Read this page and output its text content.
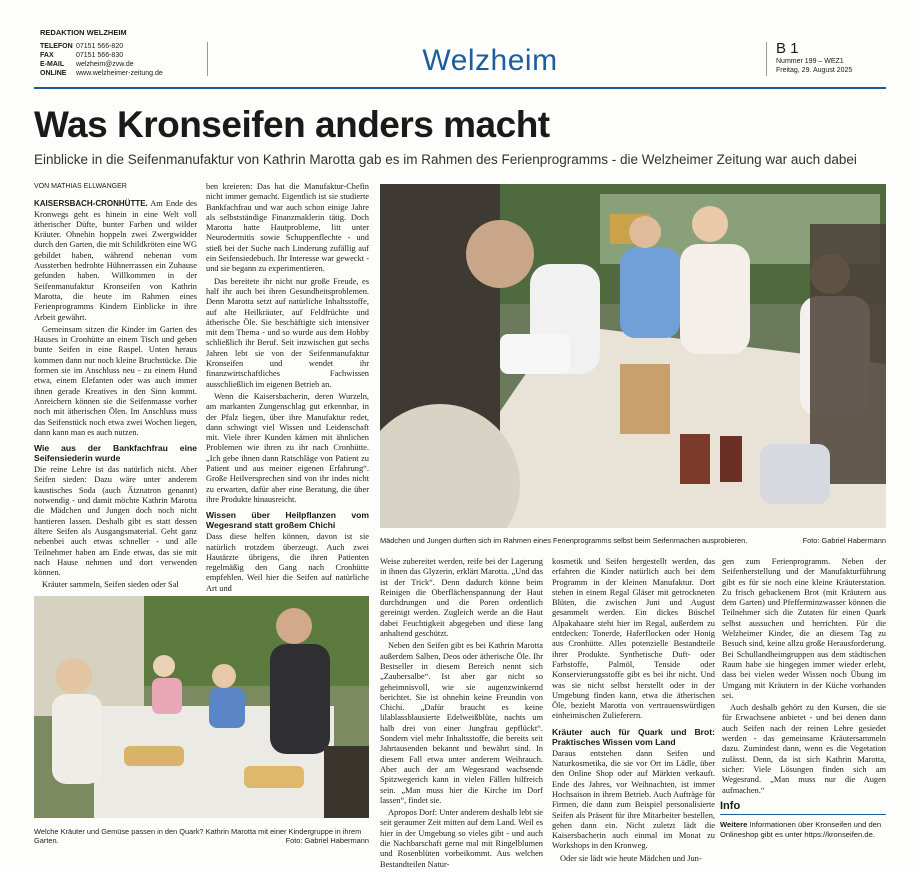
REDAKTION WELZHEIM
TELEFON 07151 566-820
FAX	07151 566-830
E-MAIL	welzheim@zvw.de
ONLINE	www.welzheimer-zeitung.de	Welzheim	B 1
Nummer 199 – WEZ1
Freitag, 29. August 2025
Was Kronseifen anders macht
Einblicke in die Seifenmanufaktur von Kathrin Marotta gab es im Rahmen des Ferienprogramms - die Welzheimer Zeitung war auch dabei
VON MATHIAS ELLWANGER

KAISERSBACH-CRONHÜTTE. Am Ende des Kronwegs geht es hinein in eine Welt voll ätherischer Düfte, bunter Farben und wilder Kräuter. Ohnehin hoppeln zwei Zwergwidder durch den Garten, die mit Schildkröten eine WG gebildet haben, während nebenan vom Aussterben bedrohte Hühnerrassen ein Zuhause gefunden haben. Willkommen in der Seifenmanufaktur Kronseifen von Kathrin Marotta, die heute im Rahmen eines Ferienprogramms Kindern Einblicke in ihre Arbeit gewährt.

Gemeinsam sitzen die Kinder im Garten des Hauses in Cronhütte an einem Tisch und geben bunte Seifen in eine Raspel. Unten heraus kommen dann nur noch kleine Bruchstücke. Die formen sie im Anschluss neu - zu einem Hund etwa, einem Elefanten oder was auch immer ihnen gerade Kreatives in den Sinn kommt. Anreichern können sie die Seifenmasse vorher noch mit ätherischen Ölen. Im Anschluss muss das Seifenstück noch etwa zwei Wochen liegen, dann kann man es auch nutzen.

Wie aus der Bankfachfrau eine Seifensiederin wurde

Die reine Lehre ist das natürlich nicht. Aber Seifen sieden: Dazu wäre unter anderem kaustisches Soda (auch Ätznatron genannt) notwendig - und damit möchte Kathrin Marotta die Mädchen und Jungen doch noch nicht hantieren lassen. Deshalb gibt es statt dessen ältere Seifen als Ausgangsmaterial. Geht ganz nebenbei auch etwas schneller - und alle Teilnehmer haben am Ende etwas, das sie mit nach Hause nehmen und dort verwenden können.

Kräuter sammeln, Seifen sieden oder Sal

ben kreieren: Das hat die Manufaktur-Chefin nicht immer gemacht. Eigentlich ist sie studierte Bankfachfrau und war auch schon einige Jahre als selbstständige Finanzmaklerin tätig. Doch Marotta hatte Hautprobleme, litt unter Neurodermitis sowie Schuppenflechte - und stieß bei der Suche nach Linderung zufällig auf ein Seifensiedebuch. Ihr Interesse war geweckt - und sie begann zu experimentieren.

Das bereitete ihr nicht nur große Freude, es half ihr auch bei ihren Gesundheitsproblemen. Denn Marotta setzt auf natürliche Inhaltsstoffe, auf alte Heilkräuter, auf Feldfrüchte und ätherische Öle. Sie beschäftigte sich intensiver mit dem Thema - und so wurde aus dem Hobby schließlich ihr Beruf. Seit inzwischen gut sechs Jahren lebt sie von der Seifenmanufaktur Kronseifen und wendet ihr finanzwirtschaftliches Fachwissen ausschließlich im eigenen Betrieb an.

Wenn die Kaisersbacherin, deren Wurzeln, am markanten Zungenschlag gut erkennbar, in der Pfalz liegen, über ihre Manufaktur redet, dann schwingt viel Wissen und Leidenschaft mit. Viele ihrer Kunden kämen mit ähnlichen Problemen wie ihren zu ihr nach Cronhütte. „Ich gebe ihnen dann Ratschläge von Patient zu Patient und aus meiner eigenen Erfahrung“. Große Heilversprechen sind von ihr indes nicht zu erwarten, dafür aber eine Beratung, die über ihre Produkte hinausreicht.

Wissen über Heilpflanzen vom Wegesrand statt großem Chichi

Dass diese helfen können, davon ist sie natürlich trotzdem überzeugt. Auch zwei Hautärzte übrigens, die ihren Patienten regelmäßig den Gang nach Cronhütte empfehlen. Weil hier die Seifen auf natürliche Art und

Mädchen und Jungen durften sich im Rahmen eines Ferienprogramms selbst beim Seifenmachen ausprobieren.	Foto: Gabriel Habermann
Welche Kräuter und Gemüse passen in den Quark? Kathrin Marotta mit einer Kindergruppe in ihrem Garten.	Foto: Gabriel Habermann

Weise zubereitet werden, reife bei der Lagerung in ihnen das Glyzerin, erklärt Marotta. „Und das ist der Trick“. Denn dadurch könne beim Reinigen die Oberflächenspannung der Haut durchdrungen und die Poren ordentlich gereinigt werden. Zugleich werde an die Haut dabei Feuchtigkeit abgegeben und diese lang anhaltend geschützt.

Neben den Seifen gibt es bei Kathrin Marotta außerdem Salben, Deos oder ätherische Öle. Ihr Bestseller in diesem Bereich nennt sich „Zaubersalbe“. Ist aber gar nicht so geheimnisvoll, wie sie augenzwinkernd berichtet. Sie ist ohnehin keine Freundin von Chichi. „Dafür braucht es keine lilablassblausierte Edelweißblüte, nachts um halb drei von einer Jungfrau gepflückt“. Sondern viel mehr Inhaltsstoffe, die bereits seit Jahrtausenden bekannt und bewährt sind. In diesem Fall etwa unter anderem Weihrauch. Aber auch der am Wegesrand wachsende Spitzwegerich kann in vielen Fällen hilfreich sein. „Man muss hier die Kirche im Dorf lassen“, findet sie.

Apropos Dorf: Unter anderem deshalb lebt sie seit geraumer Zeit mitten auf dem Land. Weil es hier in der Umgebung so vieles gibt - und auch die Nachbarschaft gerne mal mit Ringelblumen und Rosenblüten vorbeikommt. Aus welchen Bestandteilen Natur-

kosmetik und Seifen hergestellt werden, das erfahren die Kinder natürlich auch bei dem Programm in der kleinen Manufaktur. Dort stehen in einem Regal Gläser mit getrockneten Blüten, die zwischen Juni und August gesammelt werden. Ein dickes Büschel Alpakahaare steht hier im Regal, außerdem zu entdecken: Tonerde, Haferflocken oder Honig aus Cronhütte. Alles potenzielle Bestandteile ihrer Produkte. Synthetische Duft- oder Farbstoffe, Palmöl, Tenside oder Konservierungsstoffe gibt es bei ihr nicht. Und was sie nicht selbst herstellt oder in der Umgebung finden kann, etwa die ätherischen Öle, bezieht Marotta von vertrauenswürdigen einheimischen Zulieferern.

Kräuter auch für Quark und Brot: Praktisches Wissen vom Land

Daraus entstehen dann Seifen und Naturkosmetika, die sie vor Ort im Lädle, über den Online Shop oder auf Märkten verkauft. Ende des Jahres, vor Weihnachten, ist immer Hochsaison in ihrem Betrieb. Auch Aufträge für Firmen, die dann zum Beispiel personalisierte Seifen als Präsent für ihre Mitarbeiter bestellen, gehen dann ein. Nicht zuletzt lädt die Kaisersbacherin auch einmal im Monat zu Workshops in den Kronweg.

Oder sie lädt wie heute Mädchen und Jun-

gen zum Ferienprogramm. Neben der Seifenherstellung und der Manufakturführung gibt es für sie noch eine kleine Kräuterstation. Zu frisch gebackenem Brot (mit Kräutern aus dem Garten) und Pfefferminzwasser können die Teilnehmer sich die Zutaten für einen Quark selbst aussuchen und herrichten. Für die Welzheimer Kinder, die an diesem Tag zu Besuch sind, keine allzu große Herausforderung. Bei Schullandheimgruppen aus dem städtischen Raum habe sie hingegen immer wieder erlebt, dass bei vielen weder Wissen noch Übung im Umgang mit Kräutern in der Küche vorhanden sei.

Auch deshalb gehört zu den Kursen, die sie für Erwachsene anbietet - und bei denen dann auch Seifen nach der reinen Lehre gesiedet werden - das gemeinsame Kräutersammeln dazu. Zumindest dann, wenn es die Vegetation zulässt. Denn, da ist sich Kathrin Marotta, sicher: Viele Lösungen finden sich am Wegesrand. „Man muss nur die Augen aufmachen.“

Info
Weitere Informationen über Kronseifen und den Onlineshop gibt es unter https://kronseifen.de.
